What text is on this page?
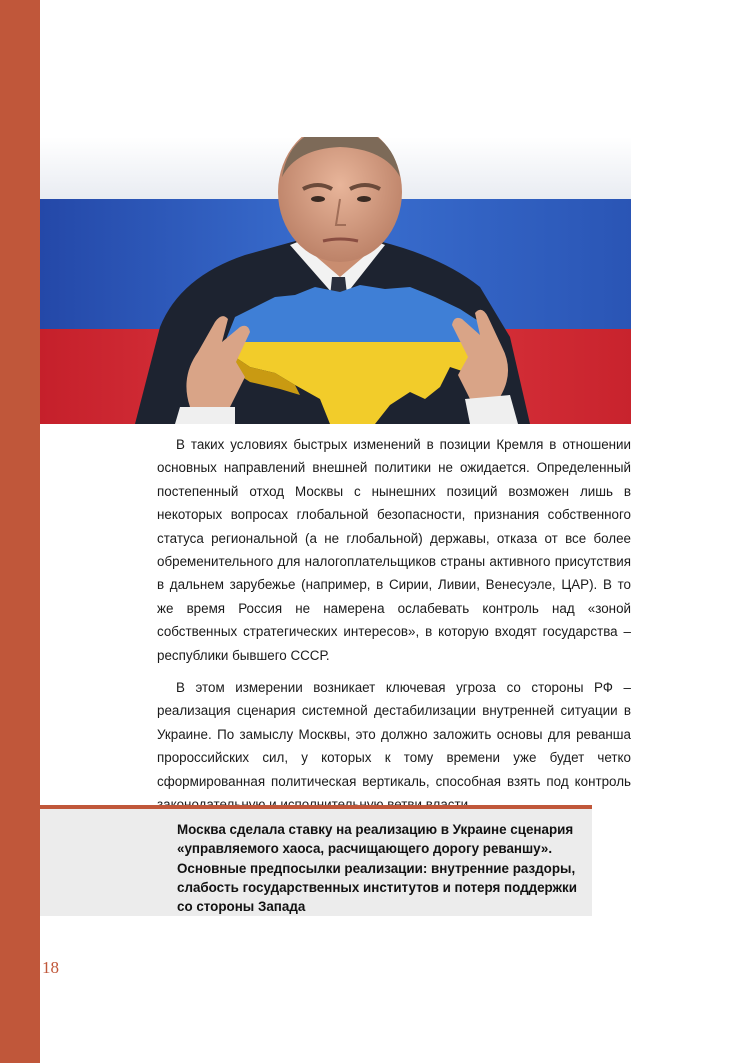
В таких условиях быстрых изменений в позиции Кремля в отношении основных направлений внешней политики не ожидается. Определенный постепенный отход Москвы с нынешних позиций возможен лишь в некоторых вопросах глобальной безопасности, признания собственного статуса региональной (а не глобальной) державы, отказа от все более обременительного для налогоплательщиков страны активного присутствия в дальнем зарубежье (например, в Сирии, Ливии, Венесуэле, ЦАР). В то же время Россия не намерена ослабевать контроль над «зоной собственных стратегических интересов», в которую входят государства – республики бывшего СССР.

В этом измерении возникает ключевая угроза со стороны РФ – реализация сценария системной дестабилизации внутренней ситуации в Украине. По замыслу Москвы, это должно заложить основы для реванша пророссийских сил, у которых к тому времени уже будет четко сформированная политическая вертикаль, способная взять под контроль

Москва сделала ставку на реализацию в Украине сценария «управляемого хаоса, расчищающего дорогу реваншу». Основные предпосылки реализации: внутренние раздоры, слабость государственных институтов и потеря поддержки со стороны Запада
18
